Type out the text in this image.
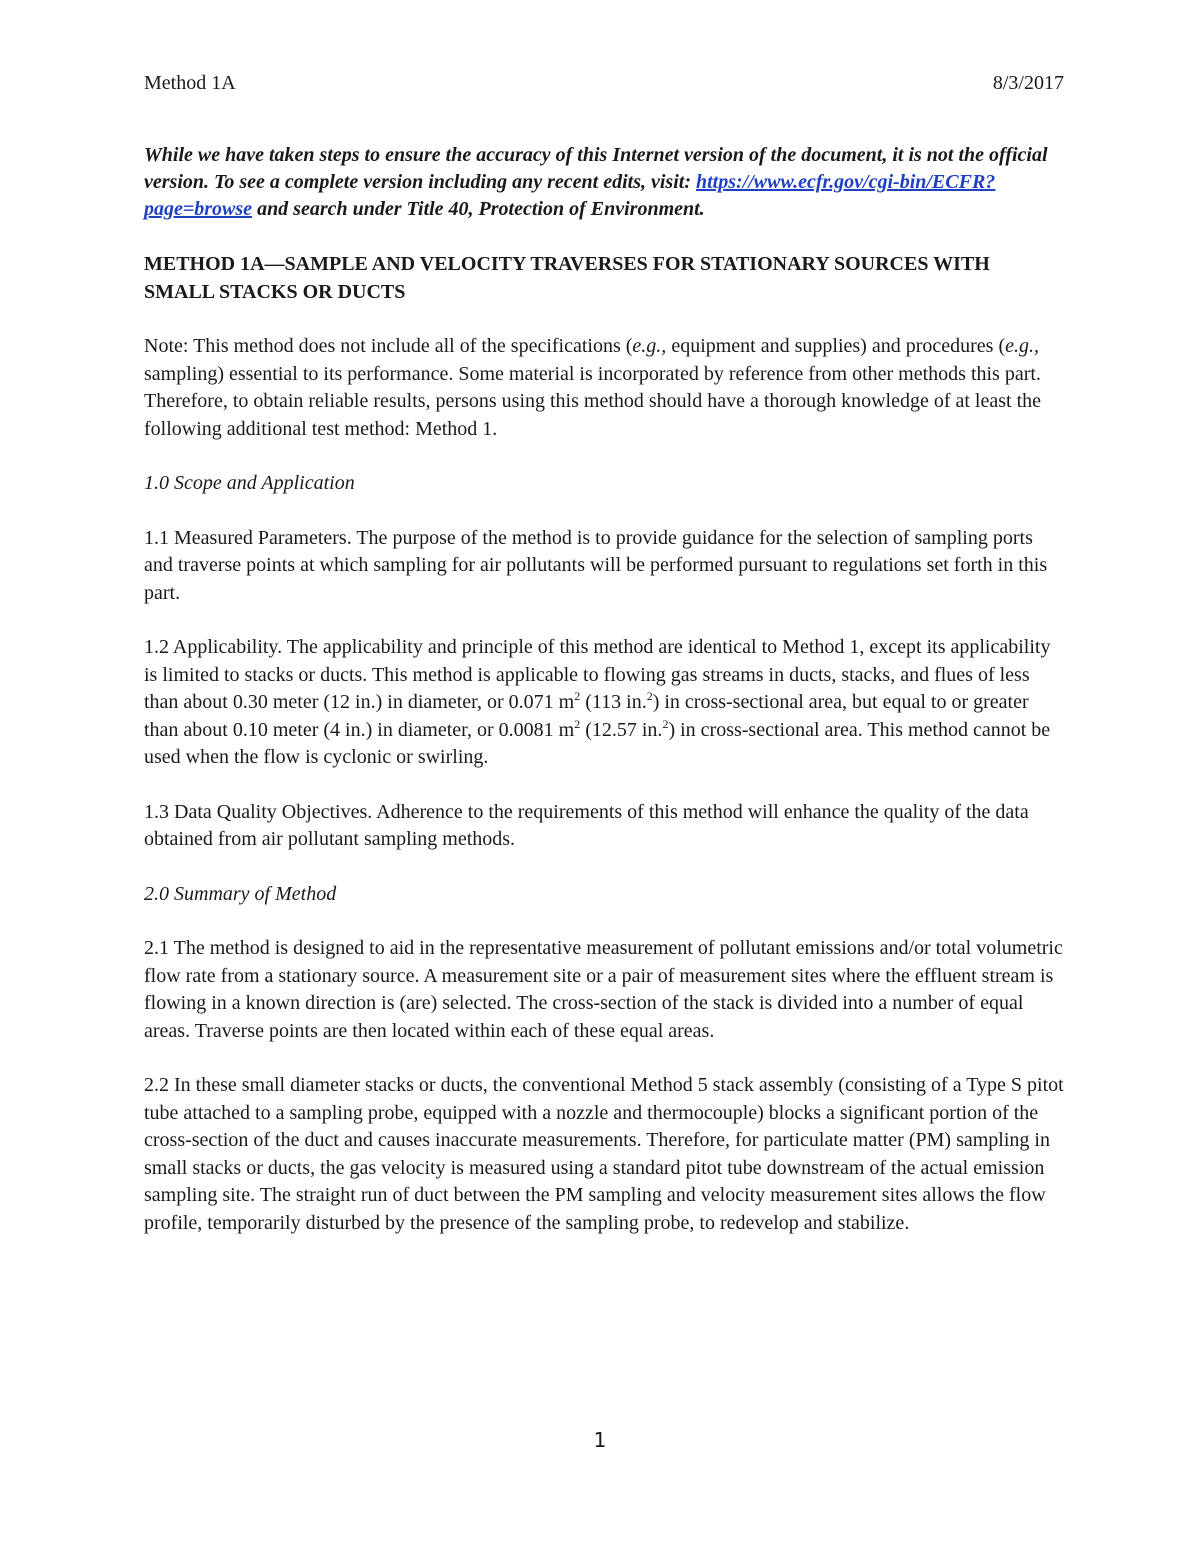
Method 1A	8/3/2017

While we have taken steps to ensure the accuracy of this Internet version of the document, it is not the official version. To see a complete version including any recent edits, visit: https://www.ecfr.gov/cgi-bin/ECFR?page=browse and search under Title 40, Protection of Environment.

METHOD 1A—SAMPLE AND VELOCITY TRAVERSES FOR STATIONARY SOURCES WITH SMALL STACKS OR DUCTS

Note: This method does not include all of the specifications (e.g., equipment and supplies) and procedures (e.g., sampling) essential to its performance. Some material is incorporated by reference from other methods this part. Therefore, to obtain reliable results, persons using this method should have a thorough knowledge of at least the following additional test method: Method 1.

1.0 Scope and Application

1.1 Measured Parameters. The purpose of the method is to provide guidance for the selection of sampling ports and traverse points at which sampling for air pollutants will be performed pursuant to regulations set forth in this part.

1.2 Applicability. The applicability and principle of this method are identical to Method 1, except its applicability is limited to stacks or ducts. This method is applicable to flowing gas streams in ducts, stacks, and flues of less than about 0.30 meter (12 in.) in diameter, or 0.071 $m^2$ (113 in.$^2$) in cross-sectional area, but equal to or greater than about 0.10 meter (4 in.) in diameter, or 0.0081 $m^2$ (12.57 in.$^2$) in cross-sectional area. This method cannot be used when the flow is cyclonic or swirling.

1.3 Data Quality Objectives. Adherence to the requirements of this method will enhance the quality of the data obtained from air pollutant sampling methods.

2.0 Summary of Method

2.1 The method is designed to aid in the representative measurement of pollutant emissions and/or total volumetric flow rate from a stationary source. A measurement site or a pair of measurement sites where the effluent stream is flowing in a known direction is (are) selected. The cross-section of the stack is divided into a number of equal areas. Traverse points are then located within each of these equal areas.

2.2 In these small diameter stacks or ducts, the conventional Method 5 stack assembly (consisting of a Type S pitot tube attached to a sampling probe, equipped with a nozzle and thermocouple) blocks a significant portion of the cross-section of the duct and causes inaccurate measurements. Therefore, for particulate matter (PM) sampling in small stacks or ducts, the gas velocity is measured using a standard pitot tube downstream of the actual emission sampling site. The straight run of duct between the PM sampling and velocity measurement sites allows the flow profile, temporarily disturbed by the presence of the sampling probe, to redevelop and stabilize.

1
